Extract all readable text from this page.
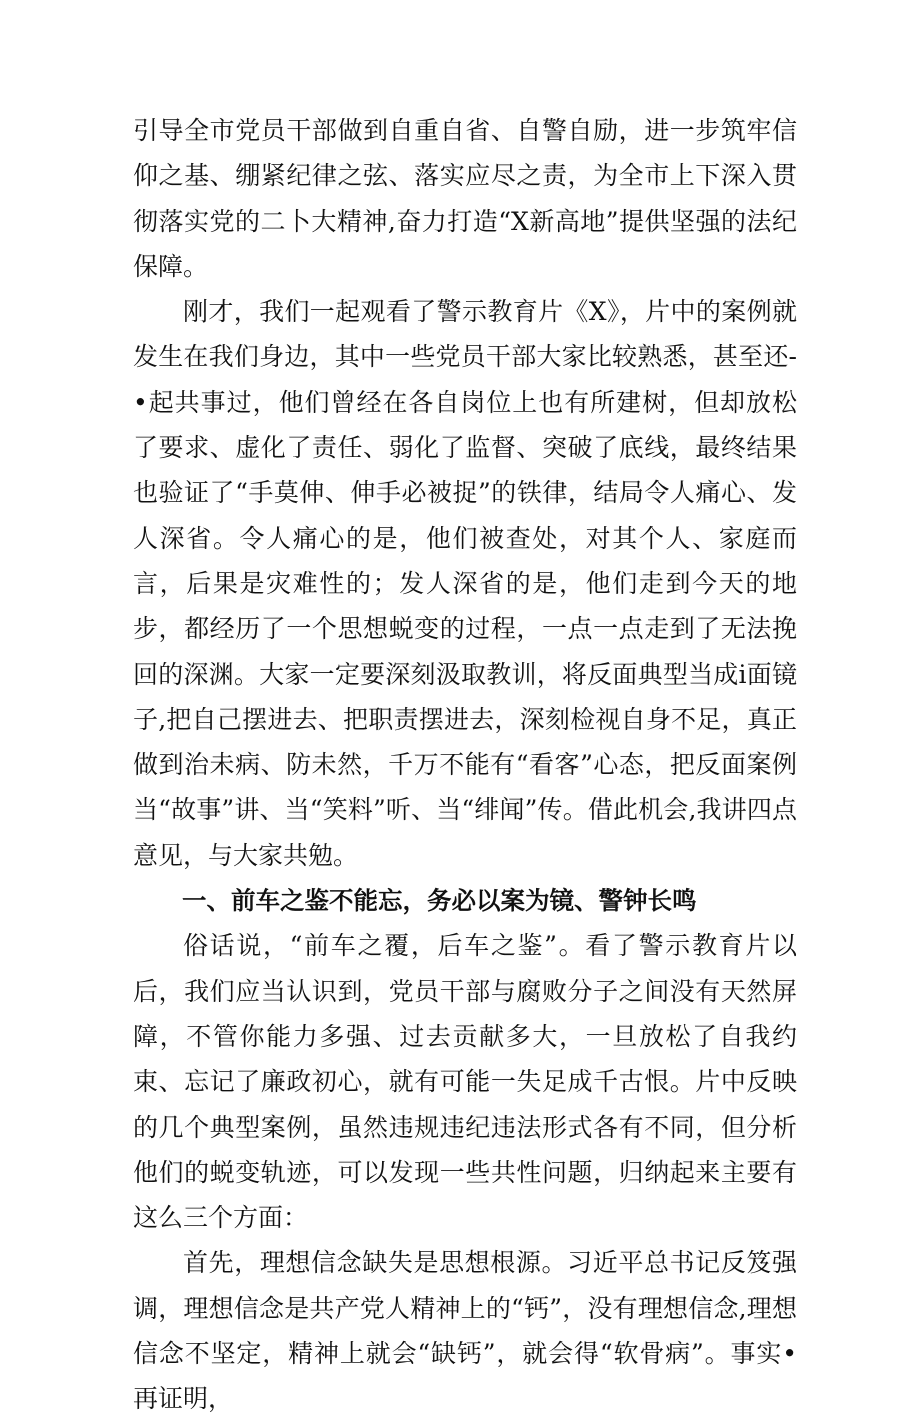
引导全市党员干部做到自重自省、自警自励，进一步筑牢信仰之基、绷紧纪律之弦、落实应尽之责，为全市上下深入贯彻落实党的二卜大精神,奋力打造“X新高地”提供坚强的法纪保障。

刚才，我们一起观看了警示教育片《X》，片中的案例就发生在我们身边，其中一些党员干部大家比较熟悉，甚至还-•起共事过，他们曾经在各自岗位上也有所建树，但却放松了要求、虚化了责任、弱化了监督、突破了底线，最终结果也验证了“手莫伸、伸手必被捉”的铁律，结局令人痛心、发人深省。令人痛心的是，他们被查处，对其个人、家庭而言，后果是灾难性的；发人深省的是，他们走到今天的地步，都经历了一个思想蜕变的过程，一点一点走到了无法挽回的深渊。大家一定要深刻汲取教训，将反面典型当成i面镜子,把自己摆进去、把职责摆进去，深刻检视自身不足，真正做到治未病、防未然，千万不能有“看客”心态，把反面案例当“故事”讲、当“笑料”听、当“绯闻”传。借此机会,我讲四点意见，与大家共勉。

一、前车之鉴不能忘，务必以案为镜、警钟长鸣

俗话说，“前车之覆，后车之鉴”。看了警示教育片以后，我们应当认识到，党员干部与腐败分子之间没有天然屏障，不管你能力多强、过去贡献多大，一旦放松了自我约束、忘记了廉政初心，就有可能一失足成千古恨。片中反映的几个典型案例，虽然违规违纪违法形式各有不同，但分析他们的蜕变轨迹，可以发现一些共性问题，归纳起来主要有这么三个方面：

首先，理想信念缺失是思想根源。习近平总书记反笈强调，理想信念是共产党人精神上的“钙”，没有理想信念,理想信念不坚定，精神上就会“缺钙”，就会得“软骨病”。事实•再证明，
